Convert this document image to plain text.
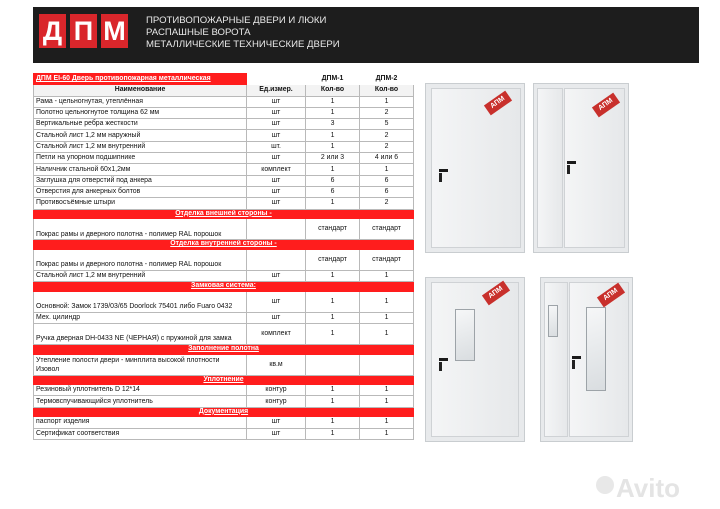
Д П М ПРОТИВОПОЖАРНЫЕ ДВЕРИ И ЛЮКИ
РАСПАШНЫЕ ВОРОТА
МЕТАЛЛИЧЕСКИЕ ТЕХНИЧЕСКИЕ ДВЕРИ
ДПМ EI-60 Дверь противопожарная металлическая		ДПМ-1	ДПМ-2
Наименование	Ед.измер.	Кол-во	Кол-во
Рама - цельногнутая, утеплённая	шт	1	1
Полотно цельногнутое толщина 62 мм	шт	1	2
Вертикальные ребра жесткости	шт	3	5
Стальной лист 1,2 мм наружный	шт	1	2
Стальной лист 1,2 мм внутренний	шт.	1	2
Петли на упорном подшипнике	шт	2 или 3	4 или 6
Наличник стальной 60х1,2мм	комплект	1	1
Заглушка для отверстий под анкера	шт	6	6
Отверстия для анкерных болтов	шт	6	6
Противосъёмные штыри	шт	1	2
Отделка внешней стороны -			
Покрас рамы и дверного полотна - полимер RAL порошок		стандарт	стандарт
Отделка внутренней стороны -			
Покрас рамы и дверного полотна - полимер RAL порошок		стандарт	стандарт
Стальной лист 1,2 мм внутренний	шт	1	1
Замковая система:			
Основной: Замок 1739/03/65 Doorlock 75401 либо Fuaro 0432	шт	1	1
Мех. цилиндр	шт	1	1
Ручка дверная DH-0433 NE (ЧЕРНАЯ) с пружиной для замка	комплект	1	1
Заполнение полотна			
Утепление полости двери - минплита высокой плотности Изовол	кв.м		
Уплотнение			
Резиновый уплотнитель D 12*14	контур	1	1
Термовспучивающийся уплотнитель	контур	1	1
Документация			
паспорт изделия	шт	1	1
Сертификат соответствия	шт	1	1
АПМ	АПМ
АПМ	АПМ
Avito
